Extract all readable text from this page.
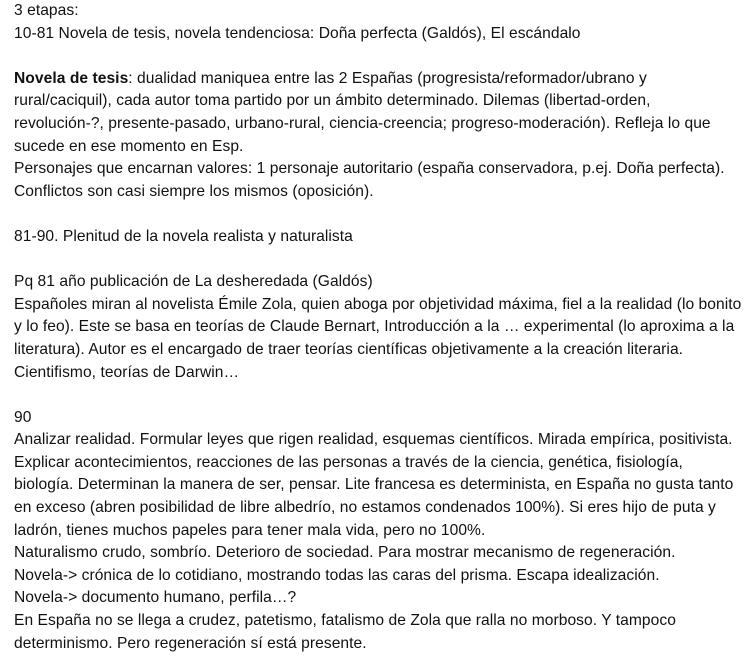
3 etapas:

10-81 Novela de tesis, novela tendenciosa: Doña perfecta (Galdós), El escándalo

Novela de tesis: dualidad maniquea entre las 2 Españas (progresista/reformador/ubrano y rural/caciquil), cada autor toma partido por un ámbito determinado. Dilemas (libertad-orden, revolución-?, presente-pasado, urbano-rural, ciencia-creencia; progreso-moderación). Refleja lo que sucede en ese momento en Esp.

Personajes que encarnan valores: 1 personaje autoritario (españa conservadora, p.ej. Doña perfecta). Conflictos son casi siempre los mismos (oposición).

81-90. Plenitud de la novela realista y naturalista

Pq 81 año publicación de La desheredada (Galdós)

Españoles miran al novelista Émile Zola, quien aboga por objetividad máxima, fiel a la realidad (lo bonito y lo feo). Este se basa en teorías de Claude Bernart, Introducción a la … experimental (lo aproxima a la literatura). Autor es el encargado de traer teorías científicas objetivamente a la creación literaria. Cientifismo, teorías de Darwin…

90

Analizar realidad. Formular leyes que rigen realidad, esquemas científicos. Mirada empírica, positivista.

Explicar acontecimientos, reacciones de las personas a través de la ciencia, genética, fisiología, biología. Determinan la manera de ser, pensar. Lite francesa es determinista, en España no gusta tanto en exceso (abren posibilidad de libre albedrío, no estamos condenados 100%). Si eres hijo de puta y ladrón, tienes muchos papeles para tener mala vida, pero no 100%.

Naturalismo crudo, sombrío. Deterioro de sociedad. Para mostrar mecanismo de regeneración.

Novela-> crónica de lo cotidiano, mostrando todas las caras del prisma. Escapa idealización.

Novela-> documento humano, perfila…?

En España no se llega a crudez, patetismo, fatalismo de Zola que ralla no morboso. Y tampoco determinismo. Pero regeneración sí está presente.
